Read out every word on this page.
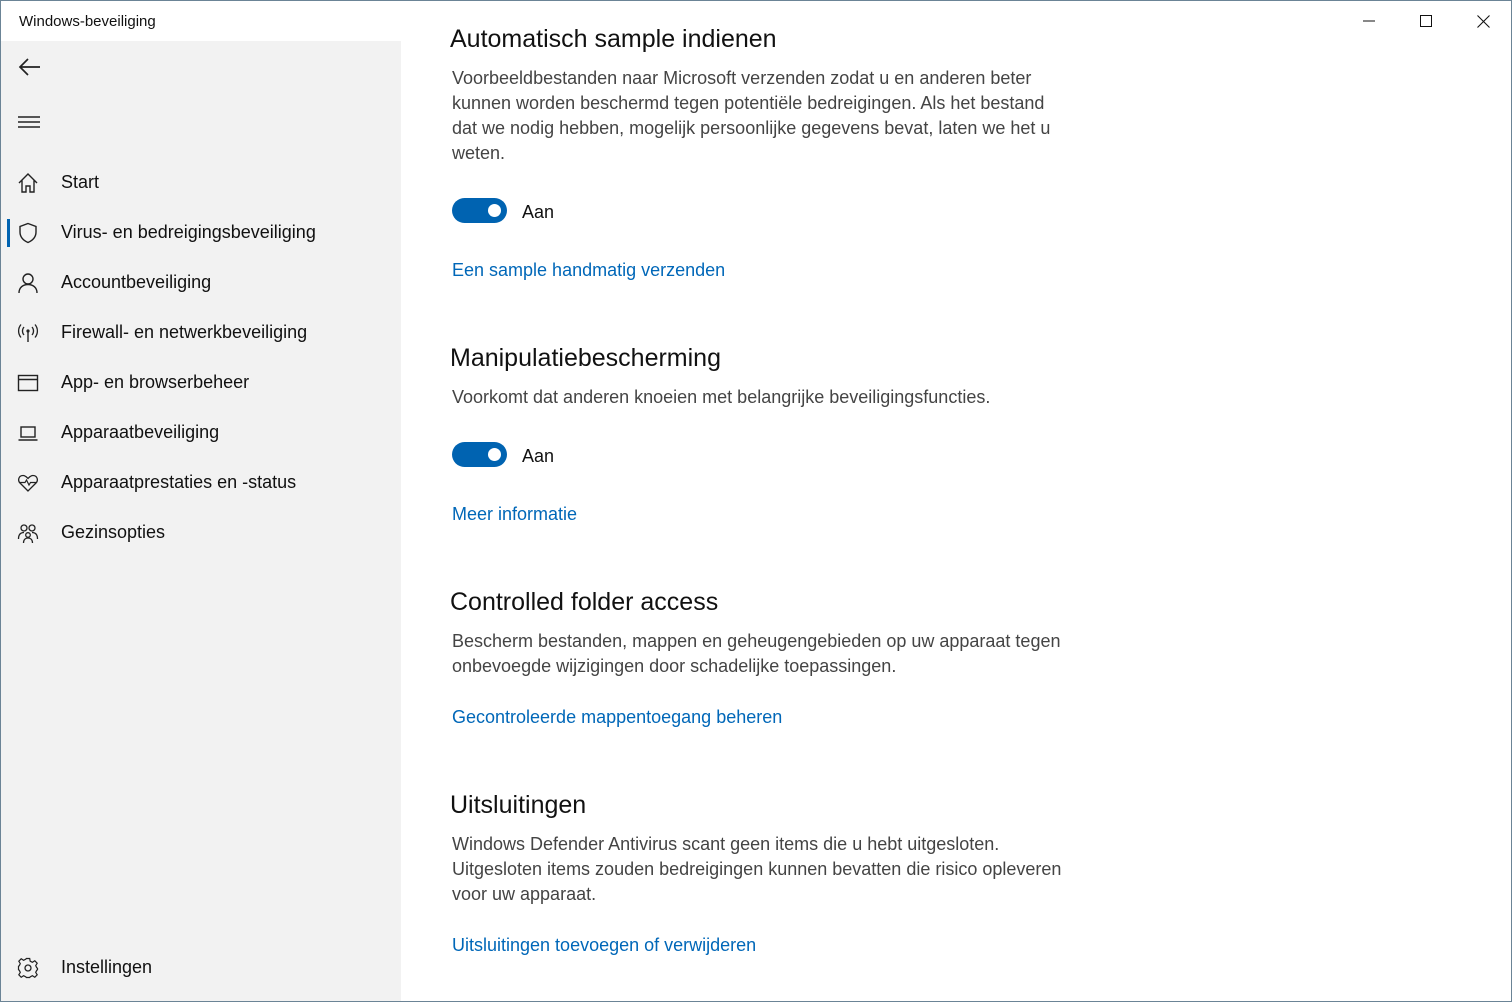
Windows-beveiliging
Start
Virus- en bedreigingsbeveiliging
Accountbeveiliging
Firewall- en netwerkbeveiliging
App- en browserbeheer
Apparaatbeveiliging
Apparaatprestaties en -status
Gezinsopties
Instellingen
Automatisch sample indienen
Voorbeeldbestanden naar Microsoft verzenden zodat u en anderen beter kunnen worden beschermd tegen potentiële bedreigingen. Als het bestand dat we nodig hebben, mogelijk persoonlijke gegevens bevat, laten we het u weten.
Aan
Een sample handmatig verzenden
Manipulatiebescherming
Voorkomt dat anderen knoeien met belangrijke beveiligingsfuncties.
Aan
Meer informatie
Controlled folder access
Bescherm bestanden, mappen en geheugengebieden op uw apparaat tegen onbevoegde wijzigingen door schadelijke toepassingen.
Gecontroleerde mappentoegang beheren
Uitsluitingen
Windows Defender Antivirus scant geen items die u hebt uitgesloten. Uitgesloten items zouden bedreigingen kunnen bevatten die risico opleveren voor uw apparaat.
Uitsluitingen toevoegen of verwijderen
